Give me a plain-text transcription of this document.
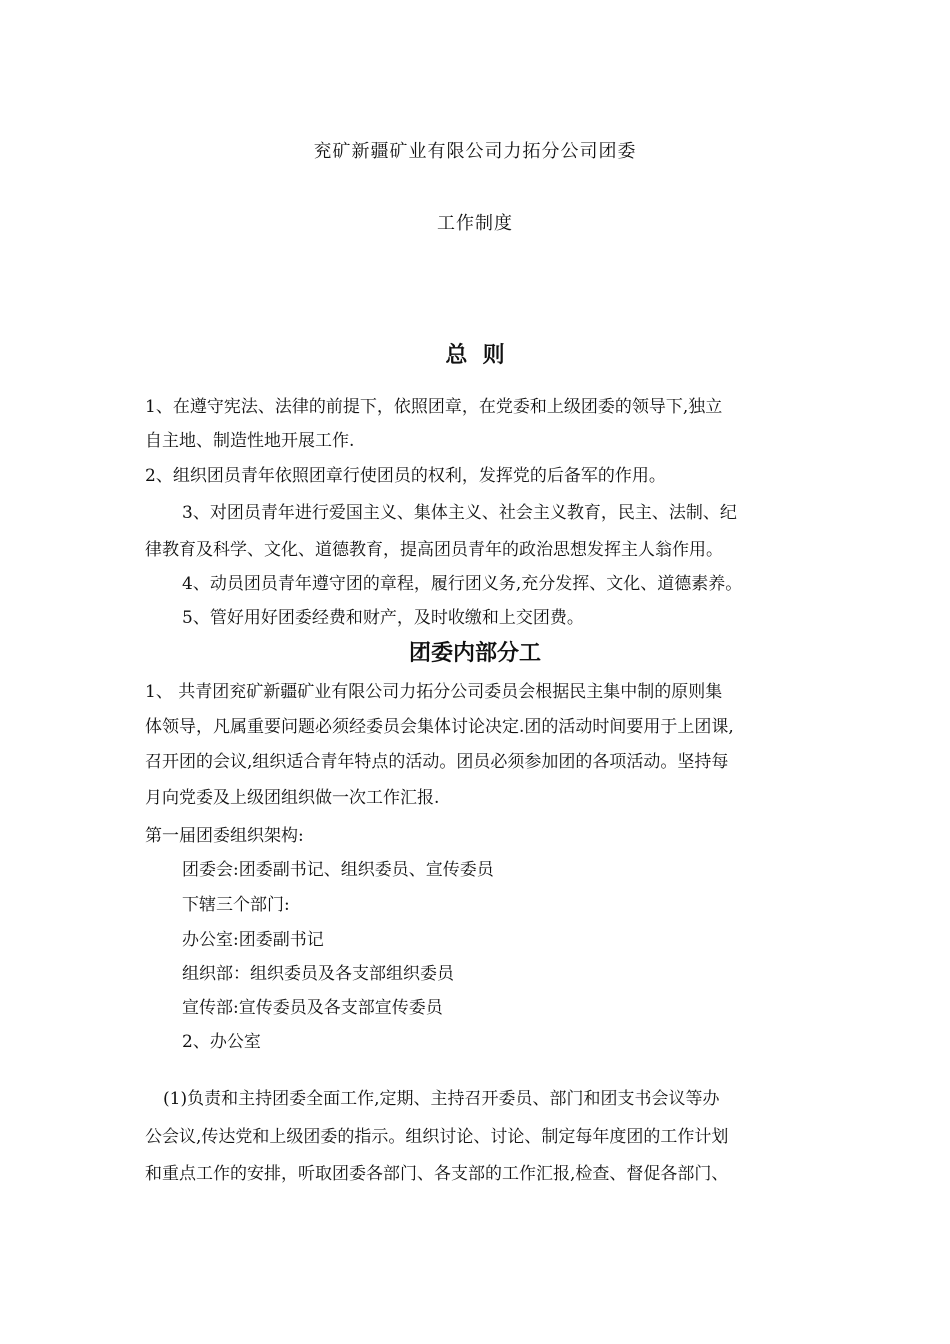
兖矿新疆矿业有限公司力拓分公司团委
工作制度
总  则
1、在遵守宪法、法律的前提下，依照团章，在党委和上级团委的领导下,独立
自主地、制造性地开展工作.
2、组织团员青年依照团章行使团员的权利，发挥党的后备军的作用。
3、对团员青年进行爱国主义、集体主义、社会主义教育，民主、法制、纪
律教育及科学、文化、道德教育，提高团员青年的政治思想发挥主人翁作用。
4、动员团员青年遵守团的章程，履行团义务,充分发挥、文化、道德素养。
5、管好用好团委经费和财产，及时收缴和上交团费。
团委内部分工
1、 共青团兖矿新疆矿业有限公司力拓分公司委员会根据民主集中制的原则集
体领导，凡属重要问题必须经委员会集体讨论决定.团的活动时间要用于上团课,
召开团的会议,组织适合青年特点的活动。团员必须参加团的各项活动。坚持每
月向党委及上级团组织做一次工作汇报.
第一届团委组织架构:
团委会:团委副书记、组织委员、宣传委员
下辖三个部门:
办公室:团委副书记
组织部：组织委员及各支部组织委员
宣传部:宣传委员及各支部宣传委员
2、办公室
(1)负责和主持团委全面工作,定期、主持召开委员、部门和团支书会议等办
公会议,传达党和上级团委的指示。组织讨论、讨论、制定每年度团的工作计划
和重点工作的安排，听取团委各部门、各支部的工作汇报,检查、督促各部门、
